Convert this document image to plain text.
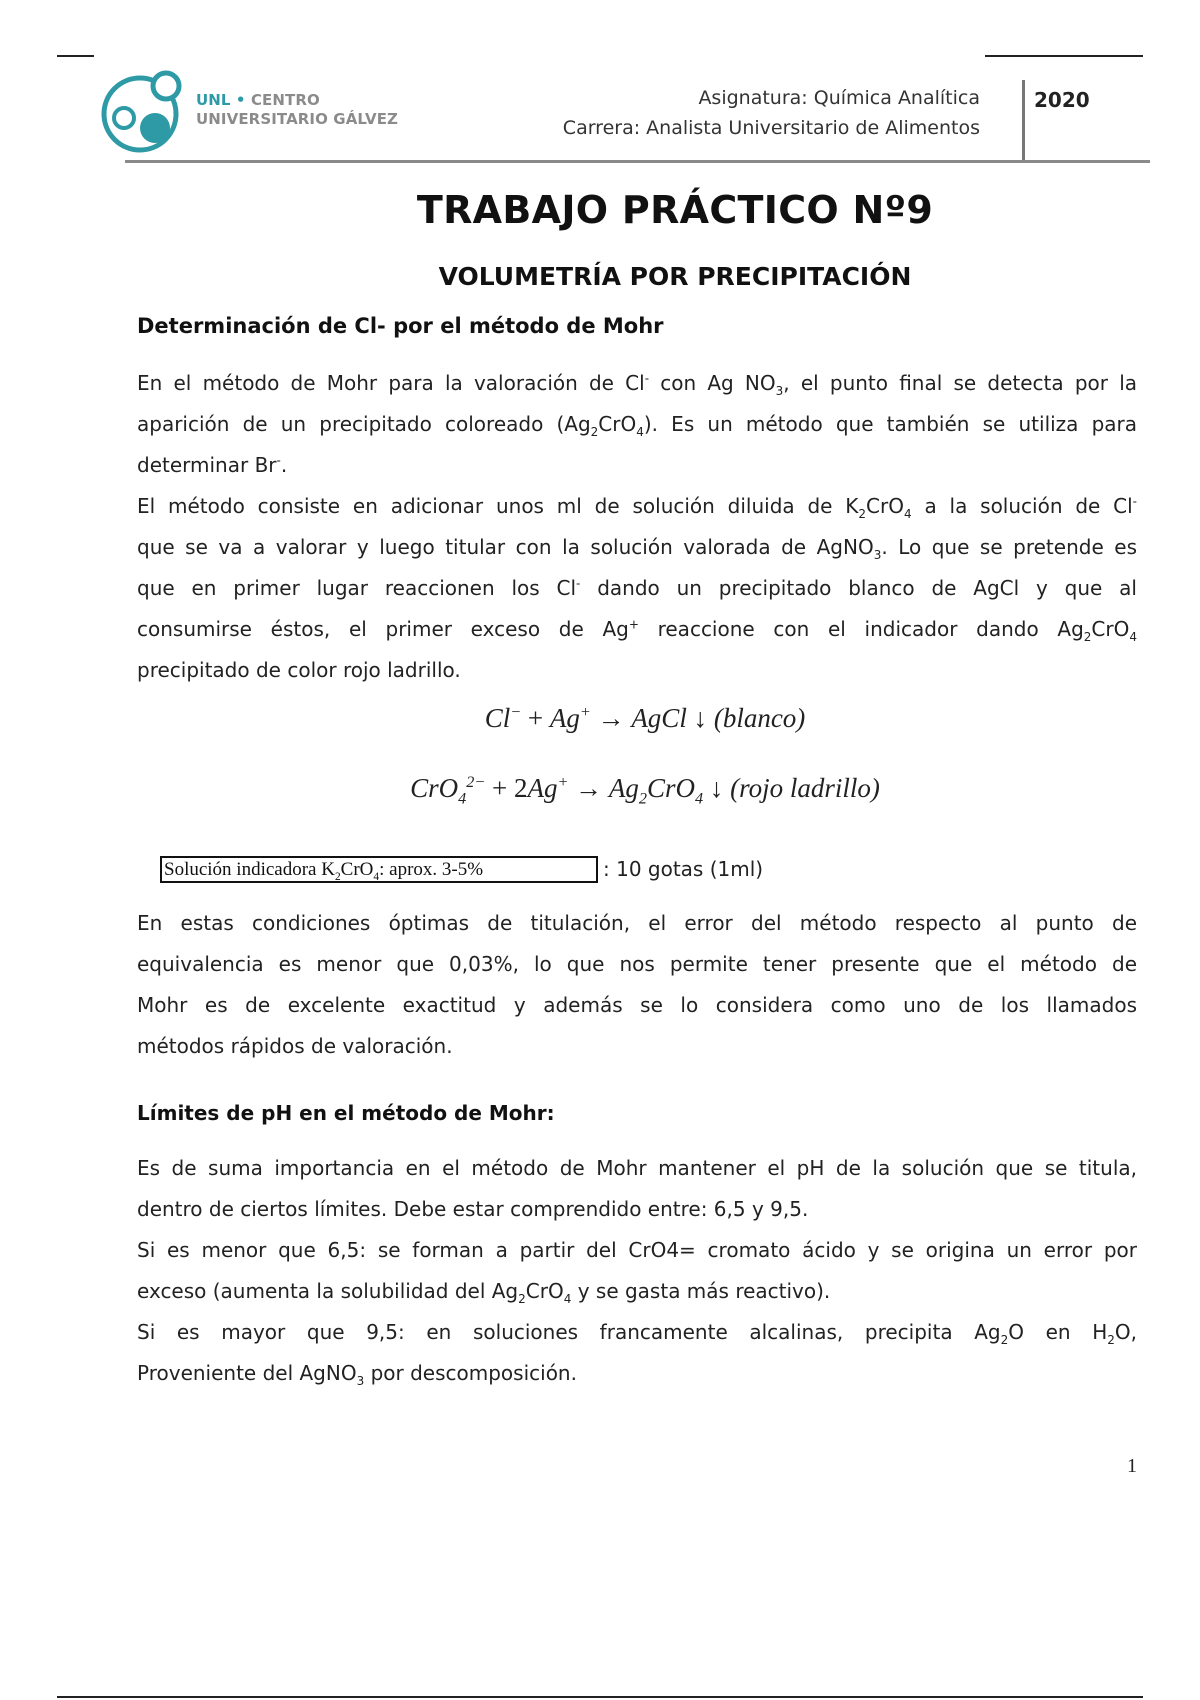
UNL • CENTRO
UNIVERSITARIO GÁLVEZ
Asignatura: Química Analítica
Carrera: Analista Universitario de Alimentos
2020
TRABAJO PRÁCTICO Nº9
VOLUMETRÍA POR PRECIPITACIÓN
Determinación de Cl- por el método de Mohr
En el método de Mohr para la valoración de Cl- con Ag $NO_3$, el punto final se detecta por la
aparición de un precipitado coloreado $(Ag_2CrO_4)$. Es un método que también se utiliza para
determinar Br-.
El método consiste en adicionar unos ml de solución diluida de $K_2CrO_4$ a la solución de Cl-
que se va a valorar y luego titular con la solución valorada de AgNO$_3$. Lo que se pretende es
que en primer lugar reaccionen los Cl- dando un precipitado blanco de AgCl y que al
consumirse éstos, el primer exceso de Ag+ reaccione con el indicador dando $Ag_2CrO_4$
precipitado de color rojo ladrillo.
Cl− + Ag+ → AgCl ↓ (blanco)
$CrO_4^{2-} + 2Ag^+ \to Ag_2CrO_4$ ↓ (rojo ladrillo)
Solución indicadora $K_2CrO_4$: aprox. 3-5%	: 10 gotas (1ml)
En estas condiciones óptimas de titulación, el error del método respecto al punto de
equivalencia es menor que 0,03%, lo que nos permite tener presente que el método de
Mohr es de excelente exactitud y además se lo considera como uno de los llamados
métodos rápidos de valoración.
Límites de pH en el método de Mohr:
Es de suma importancia en el método de Mohr mantener el pH de la solución que se titula,
dentro de ciertos límites. Debe estar comprendido entre: 6,5 y 9,5.
Si es menor que 6,5: se forman a partir del CrO4= cromato ácido y se origina un error por
exceso (aumenta la solubilidad del $Ag_2CrO_4$ y se gasta más reactivo).
Si es mayor que 9,5: en soluciones francamente alcalinas, precipita $Ag_2O$ en $H_2O$,
Proveniente del AgNO$_3$ por descomposición.
1
